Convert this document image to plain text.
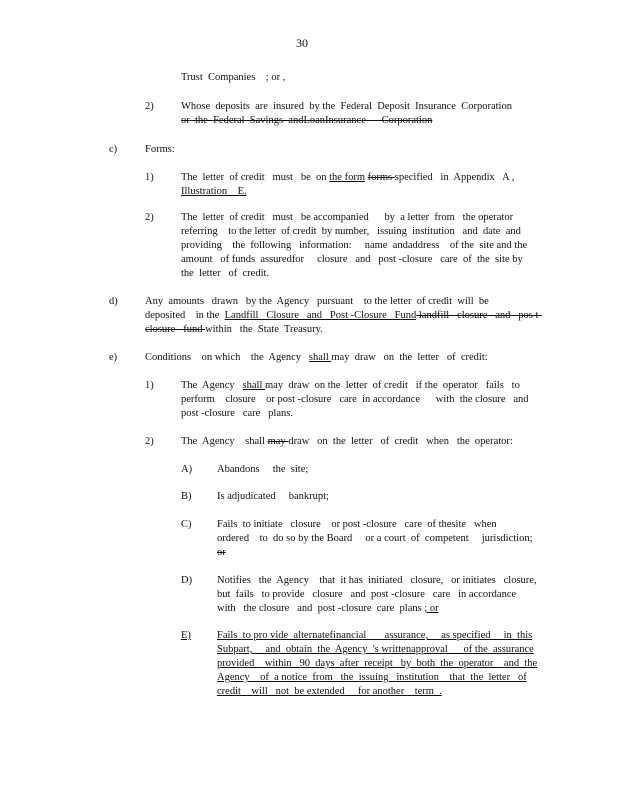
30
Trust  Companies    ; or ,
2)	Whose  deposits  are  insured  by the  Federal  Deposit  Insurance  Corporation
or  the  Federal  Savings  andLoanInsurance      Corporation
c)	Forms:
1)	The  letter  of credit   must   be  on the form forms specified   in  Appendix   A ,
Illustration    E.
2)	The  letter  of credit   must   be accompanied      by  a letter  from   the operator
referring    to the letter  of credit  by number,   issuing  institution   and  date  and
providing    the  following   information:     name  andaddress    of the  site and the
amount   of funds  assuredfor     closure   and   post -closure   care  of  the  site by
the  letter   of  credit.
d)	Any  amounts   drawn   by the  Agency   pursuant    to the letter  of credit  will  be
deposited    in the  Landfill   Closure   and   Post -Closure   Fund landfill   closure   and   pos t-
closure   fund within   the  State  Treasury.
e)	Conditions    on which    the  Agency   shall may  draw   on  the  letter   of  credit:
1)	The  Agency   shall may  draw  on the  letter  of credit   if the  operator   fails   to
perform    closure    or post -closure   care  in accordance      with  the closure   and
post -closure   care   plans.
2)	The  Agency    shall may draw   on  the  letter   of  credit   when   the  operator:
A) Abandons     the  site;
B) Is adjudicated     bankrupt;
C) Fails  to initiate   closure    or post -closure   care  of thesite   when
ordered    to  do so by the Board     or a court  of  competent     jurisdiction;
or
D) Notifies   the  Agency    that  it has  initiated   closure,   or initiates   closure,
but  fails   to provide   closure   and  post -closure   care   in accordance
with   the closure   and  post -closure  care  plans ; or
E) Fails  to pro vide  alternatefinancial       assurance,     as specified     in  this
Subpart,     and  obtain  the  Agency  's writtenapproval      of the  assurance
provided    within   90  days  after  receipt   by  both  the  operator    and  the
Agency    of  a notice  from   the  issuing   institution    that  the  letter   of
credit    will   not  be extended     for another    term  .
